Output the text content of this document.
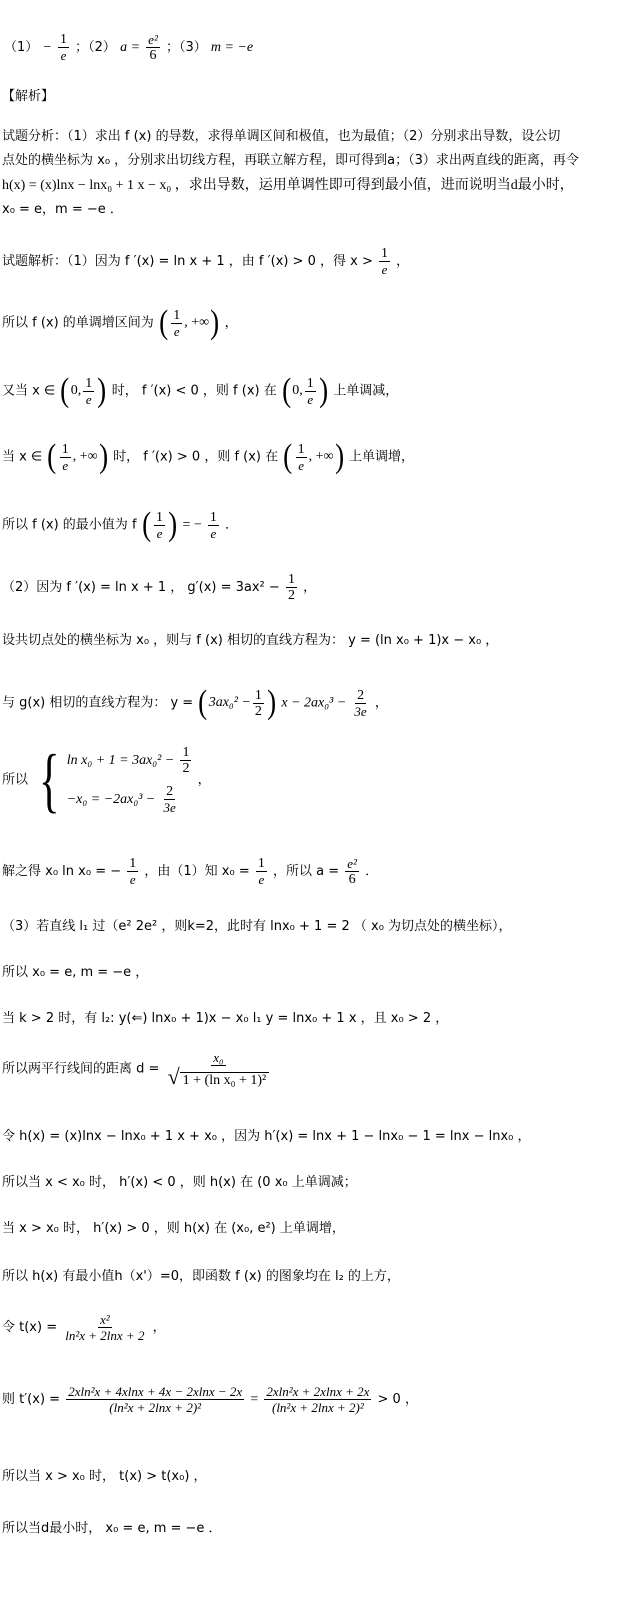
$(1) - \frac{1}{e}$ ；（2） $a = \frac{\text{e²}}{6}$ ；（3） m = −e
【解析】
试题分析：（1）求出 f (x) 的导数，求得单调区间和极值，也为最值；（2）分别求出导数，设公切
点处的横坐标为 x₀ ，分别求出切线方程，再联立解方程，即可得到a；（3）求出两直线的距离，再令
h(x) = (x)lnx − lnx₀ + 1 x − x₀ ，求出导数，运用单调性即可得到最小值，进而说明当d最小时，
x₀ = e，m = −e ．
试题解析：（1）因为 f ′(x) = ln x + 1 ，由 f ′(x) > 0 ，得 $x > \frac{1}{e}$ ，
所以 f (x) 的单调增区间为 ( $\frac{1}{e}$ , +∞ ) ，
又当 x ∈ ( 0, $\frac{1}{e}$ ) 时， f ′(x) < 0 ，则 f (x) 在 ( 0, $\frac{1}{e}$ ) 上单调减，
当 x ∈ ( $\frac{1}{e}$ , +∞ ) 时， f ′(x) > 0 ，则 f (x) 在 ( $\frac{1}{e}$ , +∞ ) 上单调增，
所以 f (x) 的最小值为 f ( $\frac{1}{e}$ ) = − $\frac{1}{e}$ ．
（2）因为 f ′(x) = ln x + 1 ， $g'(x) = 3ax^2 - \frac{1}{2}$ ，
设共切点处的横坐标为 x₀ ，则与 f (x) 相切的直线方程为： y = (ln x₀ + 1)x − x₀ ，
与 g(x) 相切的直线方程为： y = ( $3ax_0^2 - \frac{1}{2}$ ) $x - 2ax_0^3 - \frac{2}{3e}$ ，
所以 { $\ln x_0 + 1 = 3ax_0^2 - \frac{1}{2}$
$-x_0 = -2ax_0^3 - \frac{2}{3e}$
，
解之得 x₀ ln x₀ = − $\frac{1}{e}$ ，由（1）知 $x_0 = \frac{1}{e}$ ，所以 $a = \frac{\text{e²}}{6}$ ．
（3）若直线 l₁ 过（e² 2e² ，则k=2，此时有 lnx₀ + 1 = 2 （ x₀ 为切点处的横坐标），
所以 x₀ = e, m = −e ，
当 k > 2 时，有 l₂: y(⇐) lnx₀ + 1)x − x₀ l₁ y = lnx₀ + 1 x ，且 x₀ > 2 ，
所以两平行线间的距离 $d = \frac{\text{x₀}}{\text{√ 1 + (ln x₀ + 1)²}}$
令 h(x) = (x)lnx − lnx₀ + 1 x + x₀ ，因为 h′(x) = lnx + 1 − lnx₀ − 1 = lnx − lnx₀ ，
所以当 x < x₀ 时， h′(x) < 0 ，则 h(x) 在 (0 x₀ 上单调减；
当 x > x₀ 时， h′(x) > 0 ，则 h(x) 在 (x₀, e²) 上单调增，
所以 h(x) 有最小值h（x'）=0，即函数 f (x) 的图象均在 l₂ 的上方，
令 $t(x) = \frac{\text{x²}}{\text{ln²x + 2lnx + 2}}$ ，
则 $t'(x) = \frac{\text{2xln²x + 4xlnx + 4x − 2xlnx − 2x}}{\text{(ln²x + 2lnx + 2)²}} = \frac{\text{2xln²x + 2xlnx + 2x}}{\text{(ln²x + 2lnx + 2)²}} > 0$ ，
所以当 x > x₀ 时， t(x) > t(x₀) ，
所以当d最小时， x₀ = e, m = −e ．
